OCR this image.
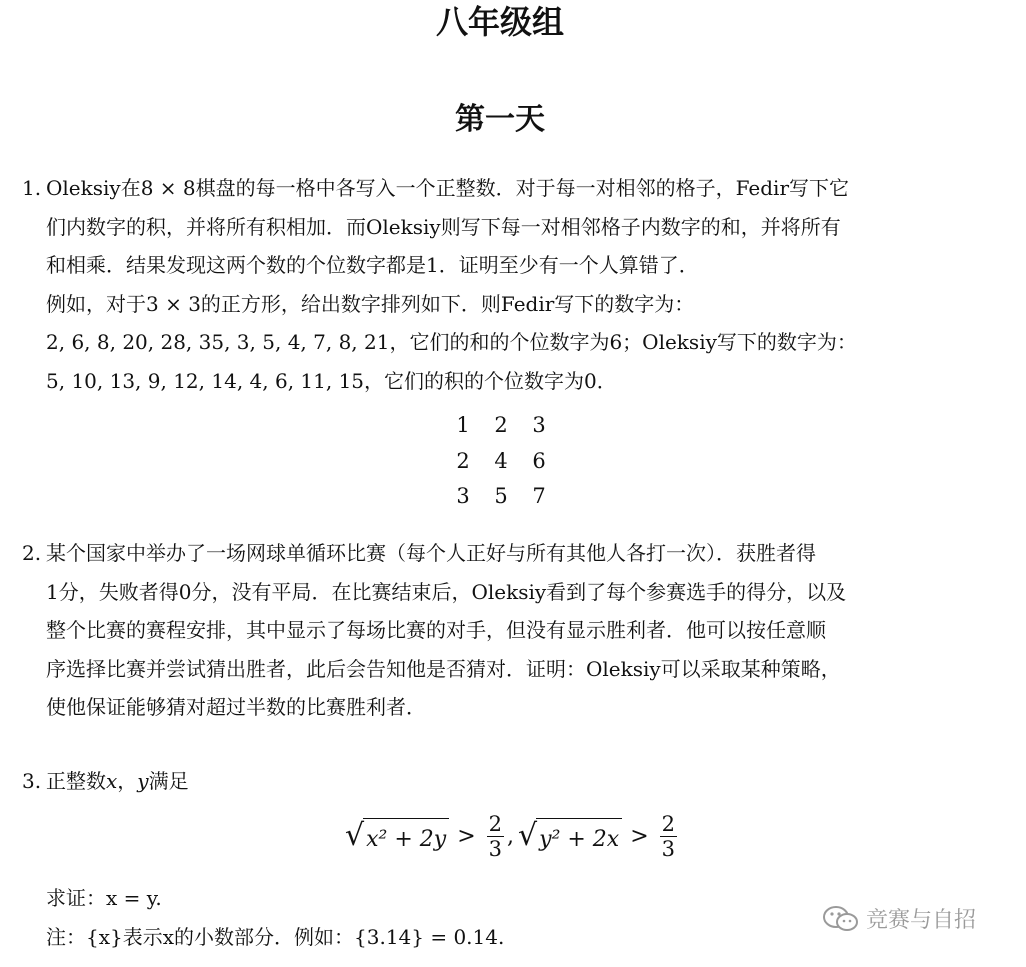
八年级组
第一天
1. Oleksiy在8 × 8棋盘的每一格中各写入一个正整数．对于每一对相邻的格子，Fedir写下它
们内数字的积，并将所有积相加．而Oleksiy则写下每一对相邻格子内数字的和，并将所有
和相乘．结果发现这两个数的个位数字都是1．证明至少有一个人算错了．
例如，对于3 × 3的正方形，给出数字排列如下．则Fedir写下的数字为：
2, 6, 8, 20, 28, 35, 3, 5, 4, 7, 8, 21，它们的和的个位数字为6；Oleksiy写下的数字为：
5, 10, 13, 9, 12, 14, 4, 6, 11, 15，它们的积的个位数字为0．
1 2 3
2 4 6
3 5 7
2. 某个国家中举办了一场网球单循环比赛（每个人正好与所有其他人各打一次）．获胜者得
1分，失败者得0分，没有平局．在比赛结束后，Oleksiy看到了每个参赛选手的得分，以及
整个比赛的赛程安排，其中显示了每场比赛的对手，但没有显示胜利者．他可以按任意顺
序选择比赛并尝试猜出胜者，此后会告知他是否猜对．证明：Oleksiy可以采取某种策略，
使他保证能够猜对超过半数的比赛胜利者．
3. 正整数x，y满足
√ $x^2 + 2y > \frac{2}{3}$ , √ $y^2 + 2x > \frac{2}{3}$
求证：x = y.
注：{x}表示x的小数部分．例如：{3.14} = 0.14.
竞赛与自招
